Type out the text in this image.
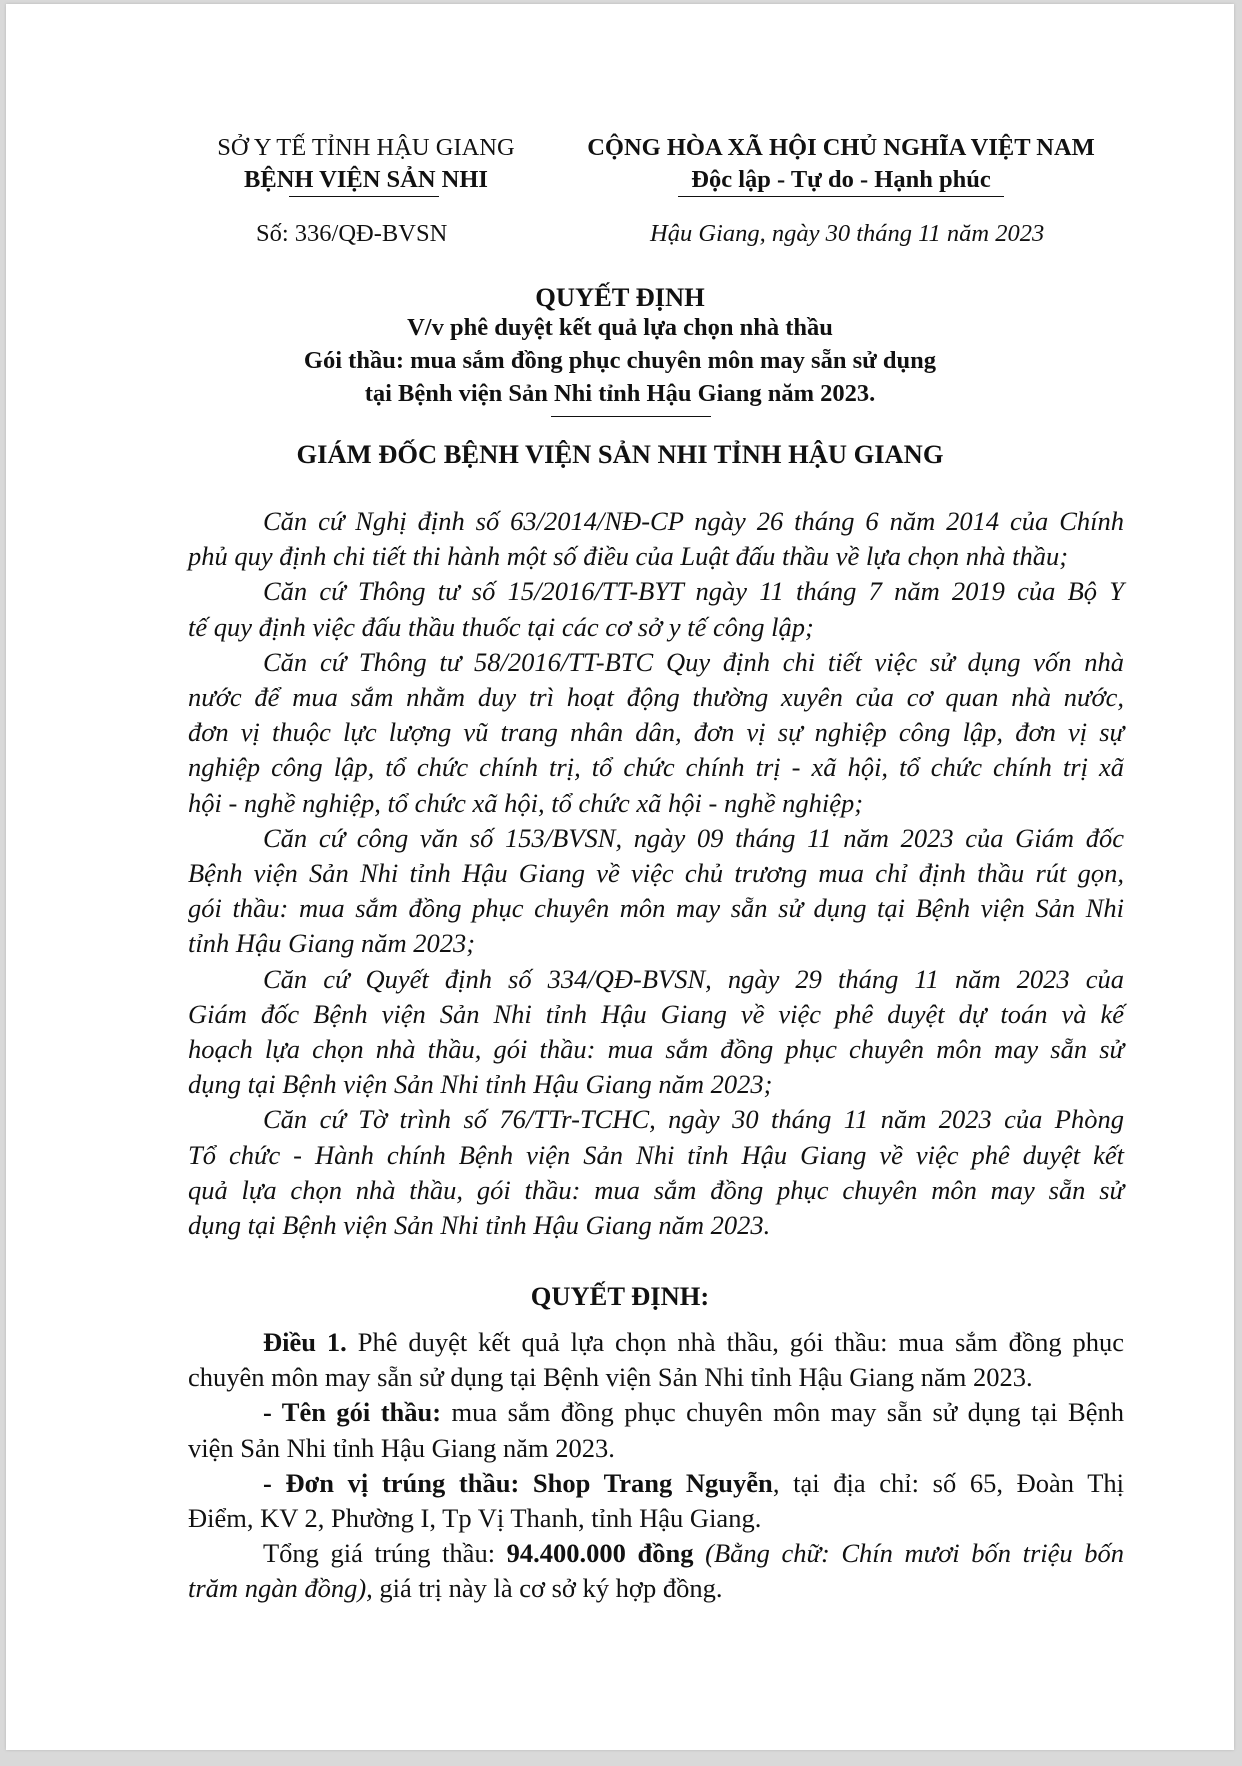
SỞ Y TẾ TỈNH HẬU GIANG
BỆNH VIỆN SẢN NHI
CỘNG HÒA XÃ HỘI CHỦ NGHĨA VIỆT NAM
Độc lập - Tự do - Hạnh phúc
Số: 336/QĐ-BVSN	Hậu Giang, ngày 30 tháng 11 năm 2023
QUYẾT ĐỊNH
V/v phê duyệt kết quả lựa chọn nhà thầu
Gói thầu: mua sắm đồng phục chuyên môn may sẵn sử dụng
tại Bệnh viện Sản Nhi tỉnh Hậu Giang năm 2023.
GIÁM ĐỐC BỆNH VIỆN SẢN NHI TỈNH HẬU GIANG
Căn cứ Nghị định số 63/2014/NĐ-CP ngày 26 tháng 6 năm 2014 của Chính
phủ quy định chi tiết thi hành một số điều của Luật đấu thầu về lựa chọn nhà thầu;
Căn cứ Thông tư số 15/2016/TT-BYT ngày 11 tháng 7 năm 2019 của Bộ Y
tế quy định việc đấu thầu thuốc tại các cơ sở y tế công lập;
Căn cứ Thông tư 58/2016/TT-BTC Quy định chi tiết việc sử dụng vốn nhà
nước để mua sắm nhằm duy trì hoạt động thường xuyên của cơ quan nhà nước,
đơn vị thuộc lực lượng vũ trang nhân dân, đơn vị sự nghiệp công lập, đơn vị sự
nghiệp công lập, tổ chức chính trị, tổ chức chính trị - xã hội, tổ chức chính trị xã
hội - nghề nghiệp, tổ chức xã hội, tổ chức xã hội - nghề nghiệp;
Căn cứ công văn số 153/BVSN, ngày 09 tháng 11 năm 2023 của Giám đốc
Bệnh viện Sản Nhi tỉnh Hậu Giang về việc chủ trương mua chỉ định thầu rút gọn,
gói thầu: mua sắm đồng phục chuyên môn may sẵn sử dụng tại Bệnh viện Sản Nhi
tỉnh Hậu Giang năm 2023;
Căn cứ Quyết định số 334/QĐ-BVSN, ngày 29 tháng 11 năm 2023 của
Giám đốc Bệnh viện Sản Nhi tỉnh Hậu Giang về việc phê duyệt dự toán và kế
hoạch lựa chọn nhà thầu, gói thầu: mua sắm đồng phục chuyên môn may sẵn sử
dụng tại Bệnh viện Sản Nhi tỉnh Hậu Giang năm 2023;
Căn cứ Tờ trình số 76/TTr-TCHC, ngày 30 tháng 11 năm 2023 của Phòng
Tổ chức - Hành chính Bệnh viện Sản Nhi tỉnh Hậu Giang về việc phê duyệt kết
quả lựa chọn nhà thầu, gói thầu: mua sắm đồng phục chuyên môn may sẵn sử
dụng tại Bệnh viện Sản Nhi tỉnh Hậu Giang năm 2023.
QUYẾT ĐỊNH:
Điều 1. Phê duyệt kết quả lựa chọn nhà thầu, gói thầu: mua sắm đồng phục
chuyên môn may sẵn sử dụng tại Bệnh viện Sản Nhi tỉnh Hậu Giang năm 2023.
- Tên gói thầu: mua sắm đồng phục chuyên môn may sẵn sử dụng tại Bệnh
viện Sản Nhi tỉnh Hậu Giang năm 2023.
- Đơn vị trúng thầu: Shop Trang Nguyễn, tại địa chỉ: số 65, Đoàn Thị
Điểm, KV 2, Phường I, Tp Vị Thanh, tỉnh Hậu Giang.
Tổng giá trúng thầu: 94.400.000 đồng (Bằng chữ: Chín mươi bốn triệu bốn
trăm ngàn đồng), giá trị này là cơ sở ký hợp đồng.
